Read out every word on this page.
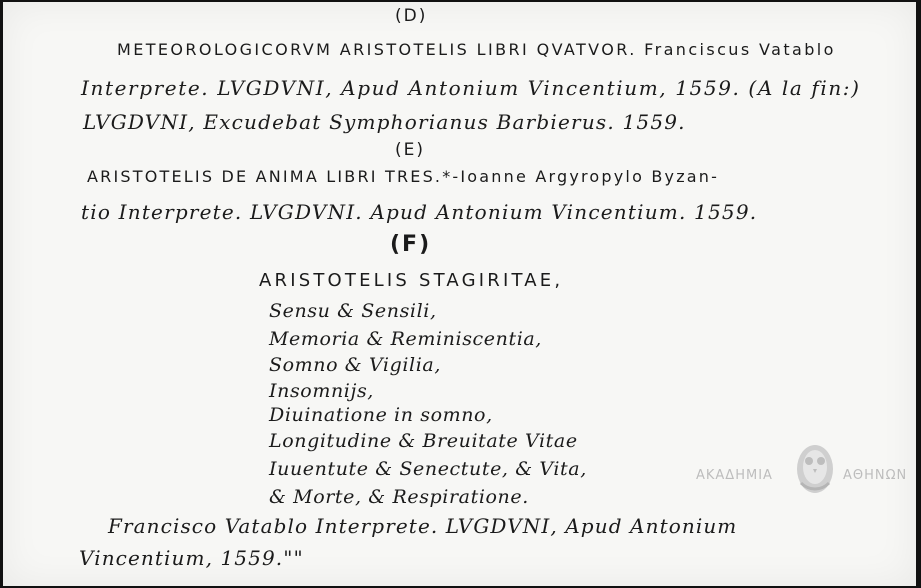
(D)
METEOROLOGICORVM ARISTOTELIS LIBRI QVATVOR. Franciscus Vatablo
Interprete. LVGDVNI, Apud Antonium Vincentium, 1559. (A la fin:)
LVGDVNI, Excudebat Symphorianus Barbierus. 1559.
(E)
ARISTOTELIS DE ANIMA LIBRI TRES.*-Ioanne Argyropylo Byzan-
tio Interprete. LVGDVNI. Apud Antonium Vincentium. 1559.
(F)
ARISTOTELIS STAGIRITAE,
Sensu & Sensili,
Memoria & Reminiscentia,
Somno & Vigilia,
Insomnijs,
Diuinatione in somno,
Longitudine & Breuitate Vitae
Iuuentute & Senectute, & Vita,
& Morte, & Respiratione.
Francisco Vatablo Interprete. LVGDVNI, Apud Antonium
Vincentium, 1559.""
ΑΚΑΔΗΜΙΑ	ΑΘΗΝΩΝ
